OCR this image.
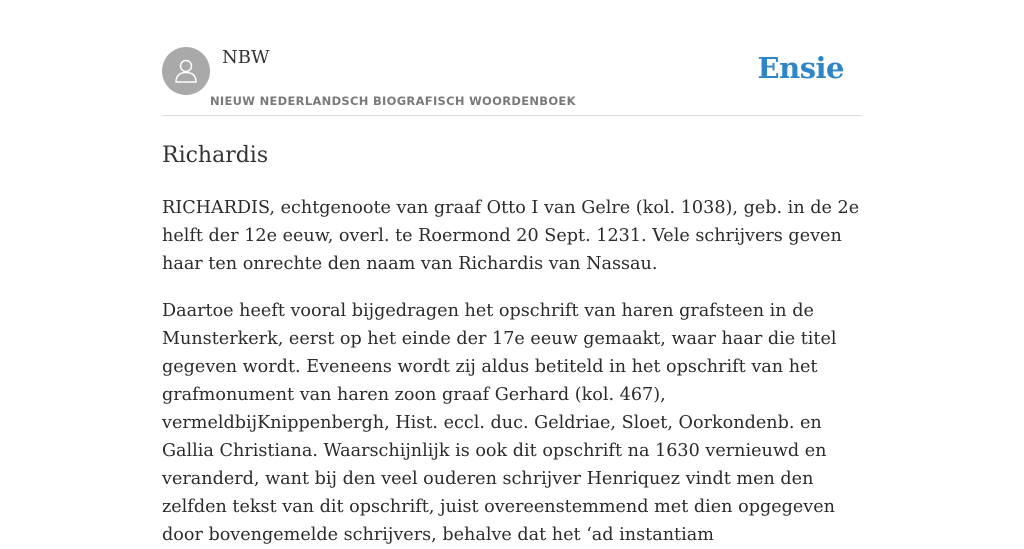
NBW
NIEUW NEDERLANDSCH BIOGRAFISCH WOORDENBOEK
Ensie
Richardis

RICHARDIS, echtgenoote van graaf Otto I van Gelre (kol. 1038), geb. in de 2e helft der 12e eeuw, overl. te Roermond 20 Sept. 1231. Vele schrijvers geven haar ten onrechte den naam van Richardis van Nassau.

Daartoe heeft vooral bijgedragen het opschrift van haren grafsteen in de Munsterkerk, eerst op het einde der 17e eeuw gemaakt, waar haar die titel gegeven wordt. Eveneens wordt zij aldus betiteld in het opschrift van het grafmonument van haren zoon graaf Gerhard (kol. 467), vermeldbijKnippenbergh, Hist. eccl. duc. Geldriae, Sloet, Oorkondenb. en Gallia Christiana. Waarschijnlijk is ook dit opschrift na 1630 vernieuwd en veranderd, want bij den veel ouderen schrijver Henriquez vindt men den zelfden tekst van dit opschrift, juist overeenstemmend met dien opgegeven door bovengemelde schrijvers, behalve dat het ‘ad instantiam
